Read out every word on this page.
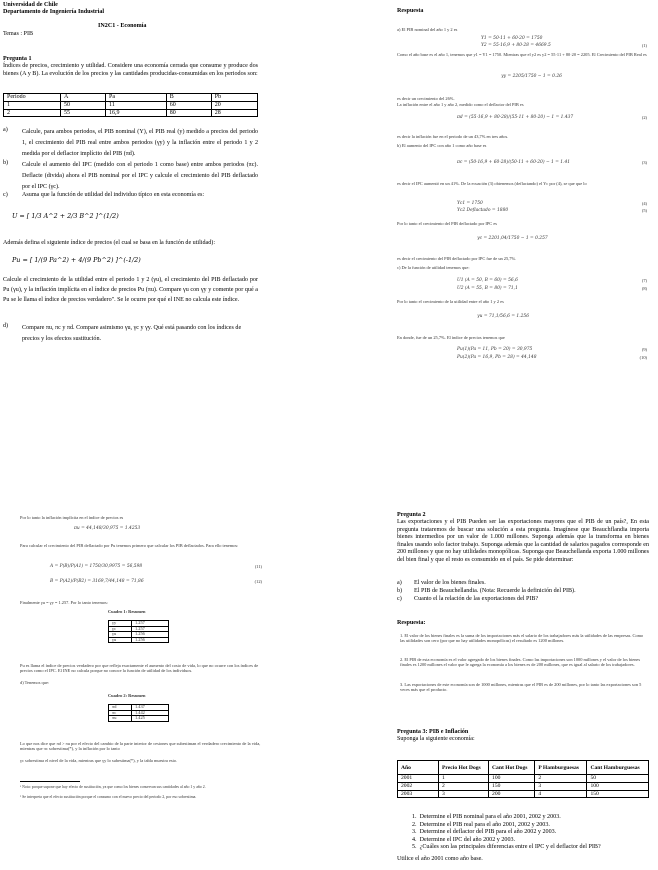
Universidad de Chile
Departamento de Ingeniería Industrial
IN2C1 - Economía
Temas : PIB
Pregunta 1
Índices de precios, crecimiento y utilidad. Considere una economía cerrada que consume y produce dos bienes (A y B). La evolución de los precios y las cantidades producidas-consumidas en los periodos son:
Periodo	A	Pa	B	Pb
1	50	11	60	20
2	55	16,9	80	28
a) Calcule, para ambos periodos, el PIB nominal (Y), el PIB real (y) medido a precios del periodo 1, el crecimiento del PIB real entre ambos periodos (γy) y la inflación entre el periodo 1 y 2 medida por el deflactor implícito del PIB (πd).
b) Calcule el aumento del IPC (medido con el periodo 1 como base) entre ambos periodos (πc). Deflacte (divida) ahora el PIB nominal por el IPC y calcule el crecimiento del PIB deflactado por el IPC (γc).
c) Asuma que la función de utilidad del individuo típico en esta economía es:
U = [ 1/3 A^2 + 2/3 B^2 ]^(1/2)
Además defina el siguiente índice de precios (el cual se basa en la función de utilidad):
Pu = [ 1/(9 Pa^2) + 4/(9 Pb^2) ]^(-1/2)
Calcule el crecimiento de la utilidad entre el periodo 1 y 2 (γu), el crecimiento del PIB deflactado por Pu (γu), y la inflación implícita en el índice de precios Pu (πu). Compare γu con γy y comente por qué a Pu se le llama el índice de precios verdadero". Se le ocurre por qué el INE no calcula este índice.
d) Compare πu, πc y πd. Compare asimismo γu, γc y γy. Qué está pasando con los índices de precios y los efectos sustitución.
Respuesta
a) El PIB nominal del año 1 y 2 es
Y1 = 50·11 + 60·20 = 1750
Y2 = 55·16,9 + 80·28 = 4669.5	(1)
Como el año base es el año 1, tenemos que y1 = Y1 = 1750. Mientras que el y2 es y2 = 55·11 + 80·20 = 2205. El Crecimiento del PIB Real es
γy = 2205/1750 − 1 = 0.26
es decir un crecimiento del 26%.
La inflación entre el año 1 y año 2, medido como el deflactor del PIB es
πd = (55·16,9 + 80·28)/(55·11 + 80·20) − 1 = 1.437	(2)
es decir la inflación fue en el periodo de un 43,7% en tres años.
b) El aumento del IPC con año 1 como año base es
πc = (50·16,9 + 60·28)/(50·11 + 60·20) − 1 = 1.41	(3)
es decir el IPC aumentó en un 41%. De la ecuación (3) obtenemos (deflactando) el Yc por (4), se que que lo
Yc1 = 1750	(4)
Yc2 Deflactado = 1880	(5)
Por lo tanto el crecimiento del PIB deflactado por IPC es
γc = 2201,04/1750 − 1 = 0.257
es decir el crecimiento del PIB deflactado por IPC fue de un 25,7%.
c) De la función de utilidad tenemos que:
U1 (A = 50, B = 60) = 56,6	(7)
U2 (A = 55, B = 80) = 71,1	(8)
Por lo tanto el crecimiento de la utilidad entre el año 1 y 2 es
γu = 71,1/56,6 = 1.256
En donde, fue de un 25,7%. El índice de precios tenemos que
Pu(1)(Pa = 11, Pb = 20) = 30,975	(9)
Pu(2)(Pa = 16,9, Pb = 28) = 44,148	(10)
Por lo tanto la inflación implícita en el índice de precios es
πu = 44,148/30,975 = 1.4253
Para calcular el crecimiento del PIB deflactado por Pu tenemos primero que calcular los PIB deflactados. Para ello tenemos:
A = P(B)/P(A1) = 1750/30,9975 = 56,598	(11)
B = P(A2)/P(B2) = 3169,7/44,148 = 71,86	(12)
Finalmente γu = γy = 1.257. Por lo tanto tenemos:
Cuadro 1: Resumen
γy	1.257
γc	1.257
γu	1.256
γu	1.256
Pu es llama el índice de precios verdadero por que refleja exactamente el aumento del costo de vida, lo que no ocurre con los índices de precios como el IPC. El INE no calcula porque no conoce la función de utilidad de los individuos.
d) Tenemos que:
Cuadro 2: Resumen
πd	1.437
πc	1.442
πu	1.425
Lo que nos dice que πd > πu por el efecto del cambio de la parte interior de cesiones que subestiman el verdadero crecimiento de la vida, mientras que πc sobrestima(*), y la inflación por lo tanto
γc sobrestima el nivel de la vida, mientras que γy lo subestima(*), y la tabla muestra esto.
¹ Nota: porque supone que hay efecto de sustitución, ya que como los bienes conservan sus cantidades al año 1 y año 2.
² Se interpreta que el efecto sustitución porque el consumo con el nuevo precio del periodo 2, por eso sobrestima.
Pregunta 2
Las exportaciones y el PIB Pueden ser las exportaciones mayores que el PIB de un país?, En esta pregunta trataremos de buscar una solución a esta pregunta. Imagínese que Beauchflandia importa bienes intermedios por un valor de 1.000 millones. Suponga además que la transforma en bienes finales usando solo factor trabajo. Suponga además que la cantidad de salarios pagados corresponde en 200 millones y que no hay utilidades monopólicas. Suponga que Beauchellanda exporta 1.000 millones del bien final y que el resto es consumido en el país. Se pide determinar:
a) El valor de los bienes finales.
b) El PIB de Beauchellandia. (Nota: Recuerde la definición del PIB).
c) Cuanto el la relación de las exportaciones del PIB?
Respuesta:
1. El valor de los bienes finales es la suma de los importaciones más el salario de los trabajadores más la utilidades de las empresas. Como las utilidades son cero (por que no hay utilidades monopólicas) el resultado es 1200 millones.
2. El PIB de esta economía es el valor agregado de los bienes finales. Como las importaciones son 1000 millones y el valor de los bienes finales es 1200 millones el valor que le agrega la economía a los bienes es de 200 millones, que es igual al salario de los trabajadores.
3. Las exportaciones de este economía son de 1000 millones, mientras que el PIB es de 200 millones, por lo tanto las exportaciones son 5 veces más que el producto.
Pregunta 3: PIB e Inflación
Suponga la siguiente economía:
Año	Precio Hot Dogs	Cant Hot Dogs	P Hamburguesas	Cant Hamburguesas
2001	1	100	2	50
2002	2	150	3	100
2003	3	200	4	150
1.  Determine el PIB nominal para el año 2001, 2002 y 2003.
2.  Determine el PIB real para el año 2001, 2002 y 2003.
3.  Determine el deflactor del PIB para el año 2002 y 2003.
4.  Determine el IPC del año 2002 y 2003.
5.  ¿Cuáles son las principales diferencias entre el IPC y el deflactor del PIB?
Utilice el año 2001 como año base.
